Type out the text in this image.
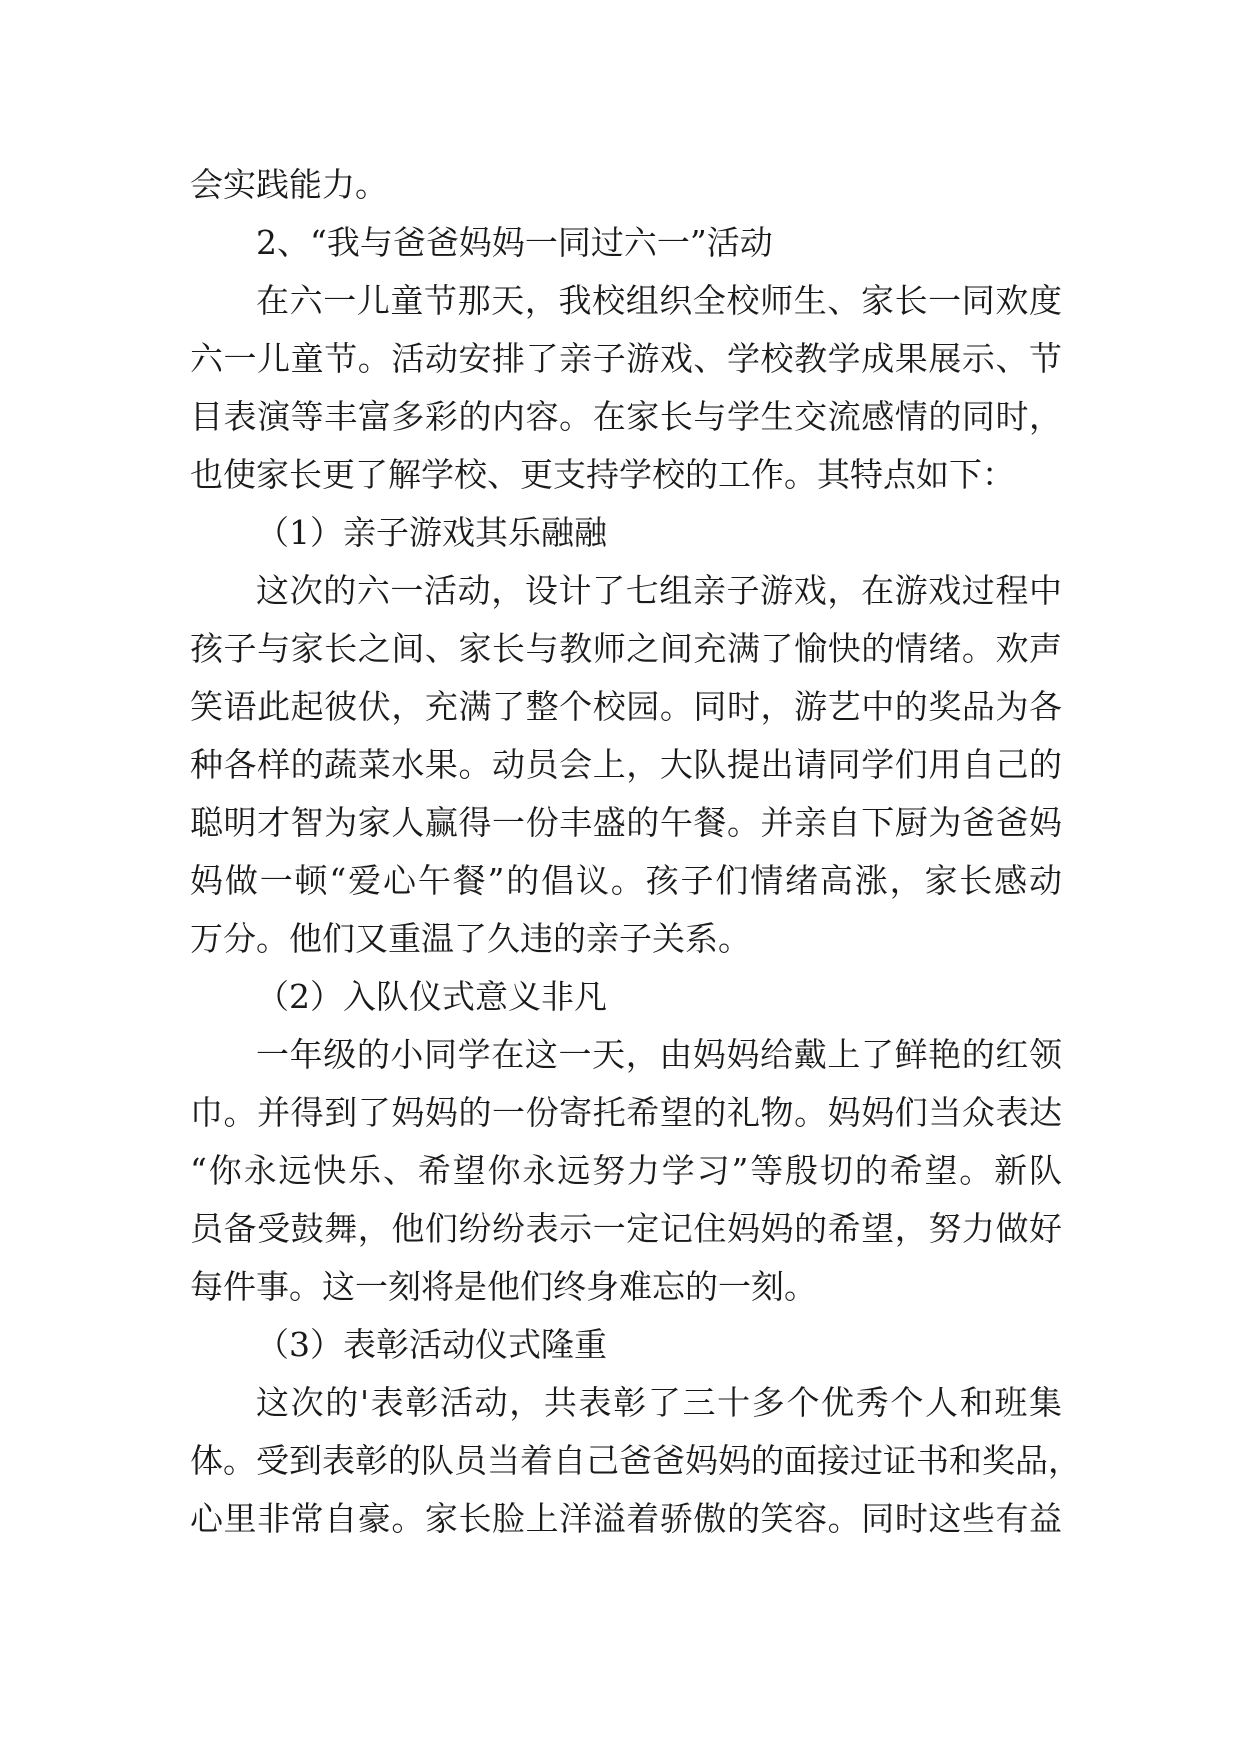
会实践能力。
2、“我与爸爸妈妈一同过六一”活动
在六一儿童节那天，我校组织全校师生、家长一同欢度
六一儿童节。活动安排了亲子游戏、学校教学成果展示、节
目表演等丰富多彩的内容。在家长与学生交流感情的同时，
也使家长更了解学校、更支持学校的工作。其特点如下：
（1）亲子游戏其乐融融
这次的六一活动，设计了七组亲子游戏，在游戏过程中
孩子与家长之间、家长与教师之间充满了愉快的情绪。欢声
笑语此起彼伏，充满了整个校园。同时，游艺中的奖品为各
种各样的蔬菜水果。动员会上，大队提出请同学们用自己的
聪明才智为家人赢得一份丰盛的午餐。并亲自下厨为爸爸妈
妈做一顿“爱心午餐”的倡议。孩子们情绪高涨，家长感动
万分。他们又重温了久违的亲子关系。
（2）入队仪式意义非凡
一年级的小同学在这一天，由妈妈给戴上了鲜艳的红领
巾。并得到了妈妈的一份寄托希望的礼物。妈妈们当众表达
“你永远快乐、希望你永远努力学习”等殷切的希望。新队
员备受鼓舞，他们纷纷表示一定记住妈妈的希望，努力做好
每件事。这一刻将是他们终身难忘的一刻。
（3）表彰活动仪式隆重
这次的'表彰活动，共表彰了三十多个优秀个人和班集
体。受到表彰的队员当着自己爸爸妈妈的面接过证书和奖品，
心里非常自豪。家长脸上洋溢着骄傲的笑容。同时这些有益
